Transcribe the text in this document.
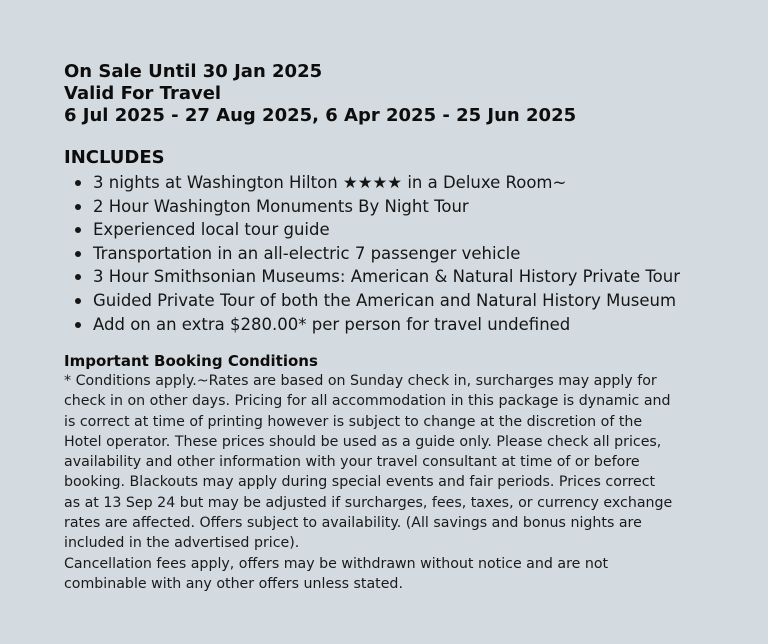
On Sale Until 30 Jan 2025
Valid For Travel
6 Jul 2025 - 27 Aug 2025, 6 Apr 2025 - 25 Jun 2025
INCLUDES
3 nights at Washington Hilton ★★★★ in a Deluxe Room~
2 Hour Washington Monuments By Night Tour
Experienced local tour guide
Transportation in an all-electric 7 passenger vehicle
3 Hour Smithsonian Museums: American & Natural History Private Tour
Guided Private Tour of both the American and Natural History Museum
Add on an extra $280.00* per person for travel undefined
Important Booking Conditions
* Conditions apply.~Rates are based on Sunday check in, surcharges may apply for
check in on other days. Pricing for all accommodation in this package is dynamic and
is correct at time of printing however is subject to change at the discretion of the
Hotel operator. These prices should be used as a guide only. Please check all prices,
availability and other information with your travel consultant at time of or before
booking. Blackouts may apply during special events and fair periods. Prices correct
as at 13 Sep 24 but may be adjusted if surcharges, fees, taxes, or currency exchange
rates are affected. Offers subject to availability. (All savings and bonus nights are
included in the advertised price).
Cancellation fees apply, offers may be withdrawn without notice and are not
combinable with any other offers unless stated.
